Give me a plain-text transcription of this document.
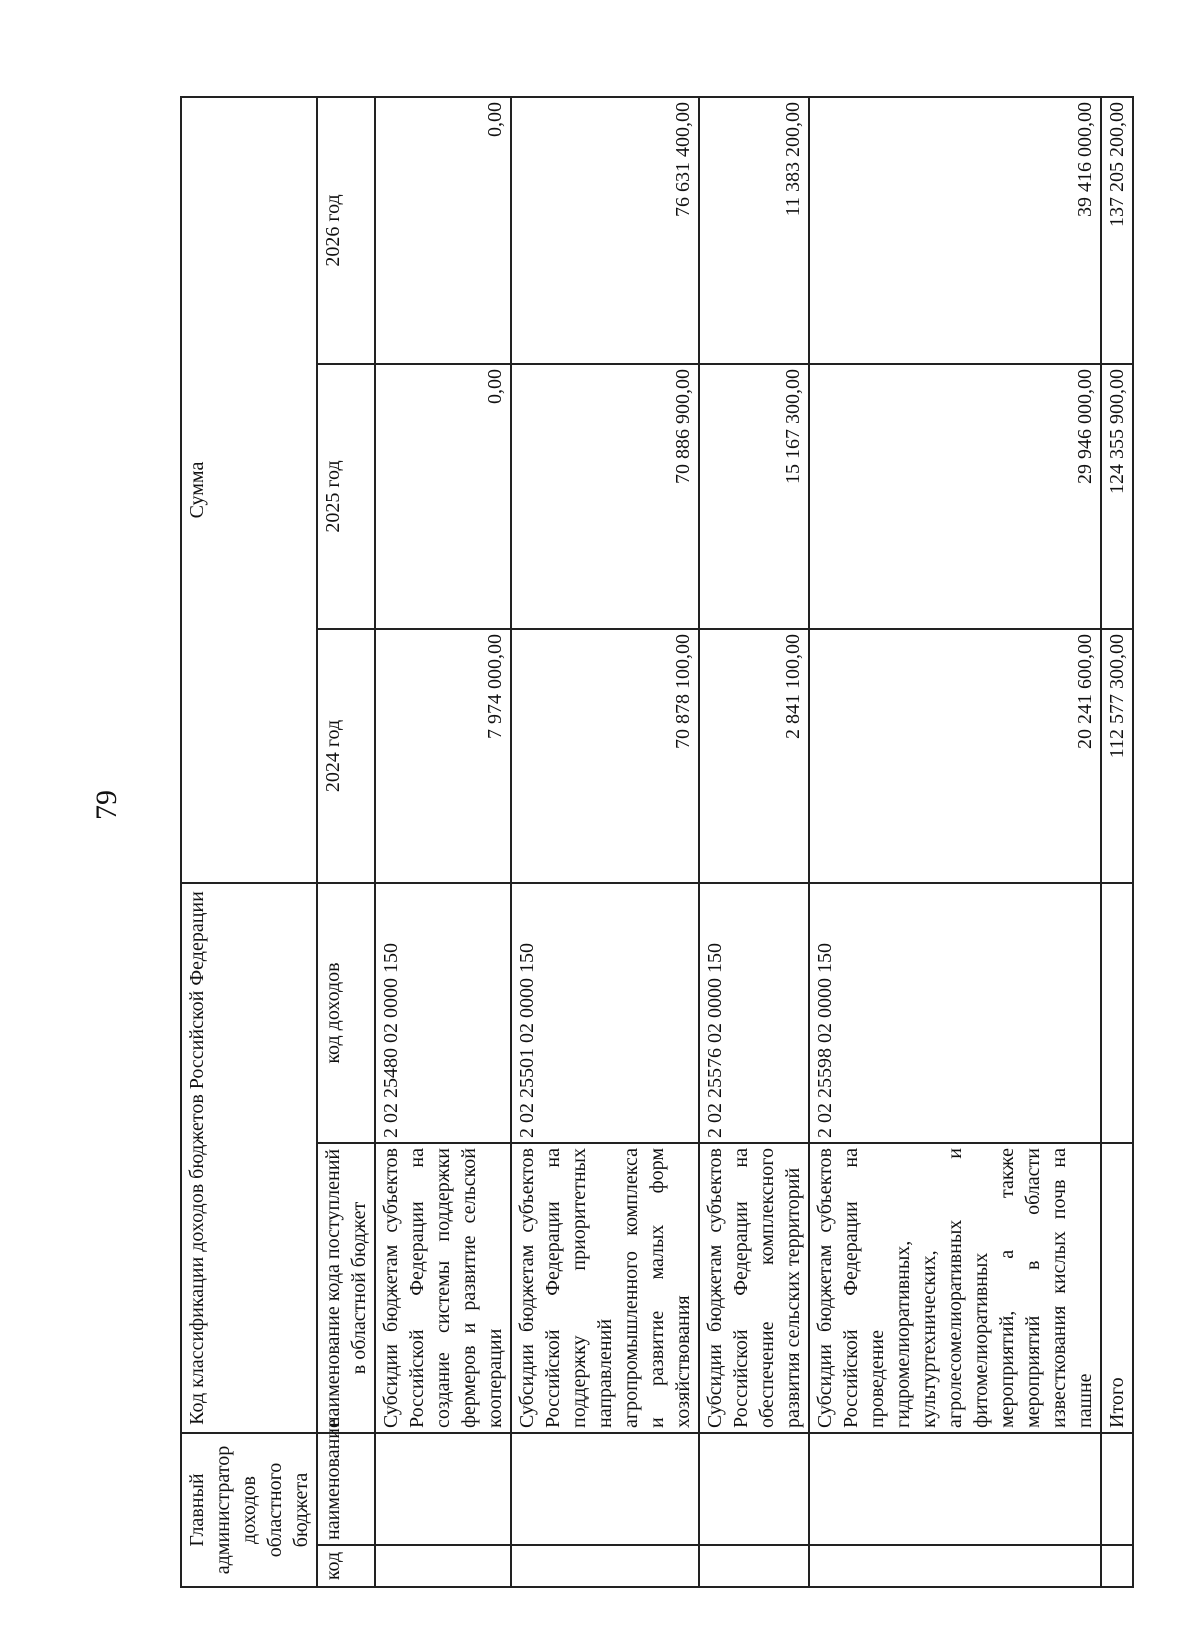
79
Главный администратор доходов областного бюджета		Код классификации доходов бюджетов Российской Федерации		Сумма		
код	наименование	наименование кода поступлений в областной бюджет	код доходов	2024 год	2025 год	2026 год
		Субсидии бюджетам субъектов Российской Федерации на создание системы поддержки фермеров и развитие сельской кооперации	2 02 25480 02 0000 150	7 974 000,00	0,00	0,00
		Субсидии бюджетам субъектов Российской Федерации на поддержку приоритетных направлений агропромышленного комплекса и развитие малых форм хозяйствования	2 02 25501 02 0000 150	70 878 100,00	70 886 900,00	76 631 400,00
		Субсидии бюджетам субъектов Российской Федерации на обеспечение комплексного развития сельских территорий	2 02 25576 02 0000 150	2 841 100,00	15 167 300,00	11 383 200,00
		Субсидии бюджетам субъектов Российской Федерации на проведение гидромелиоративных, культуртехнических, агролесомелиоративных и фитомелиоративных мероприятий, а также мероприятий в области известкования кислых почв на пашне	2 02 25598 02 0000 150	20 241 600,00	29 946 000,00	39 416 000,00
		Итого		112 577 300,00	124 355 900,00	137 205 200,00
